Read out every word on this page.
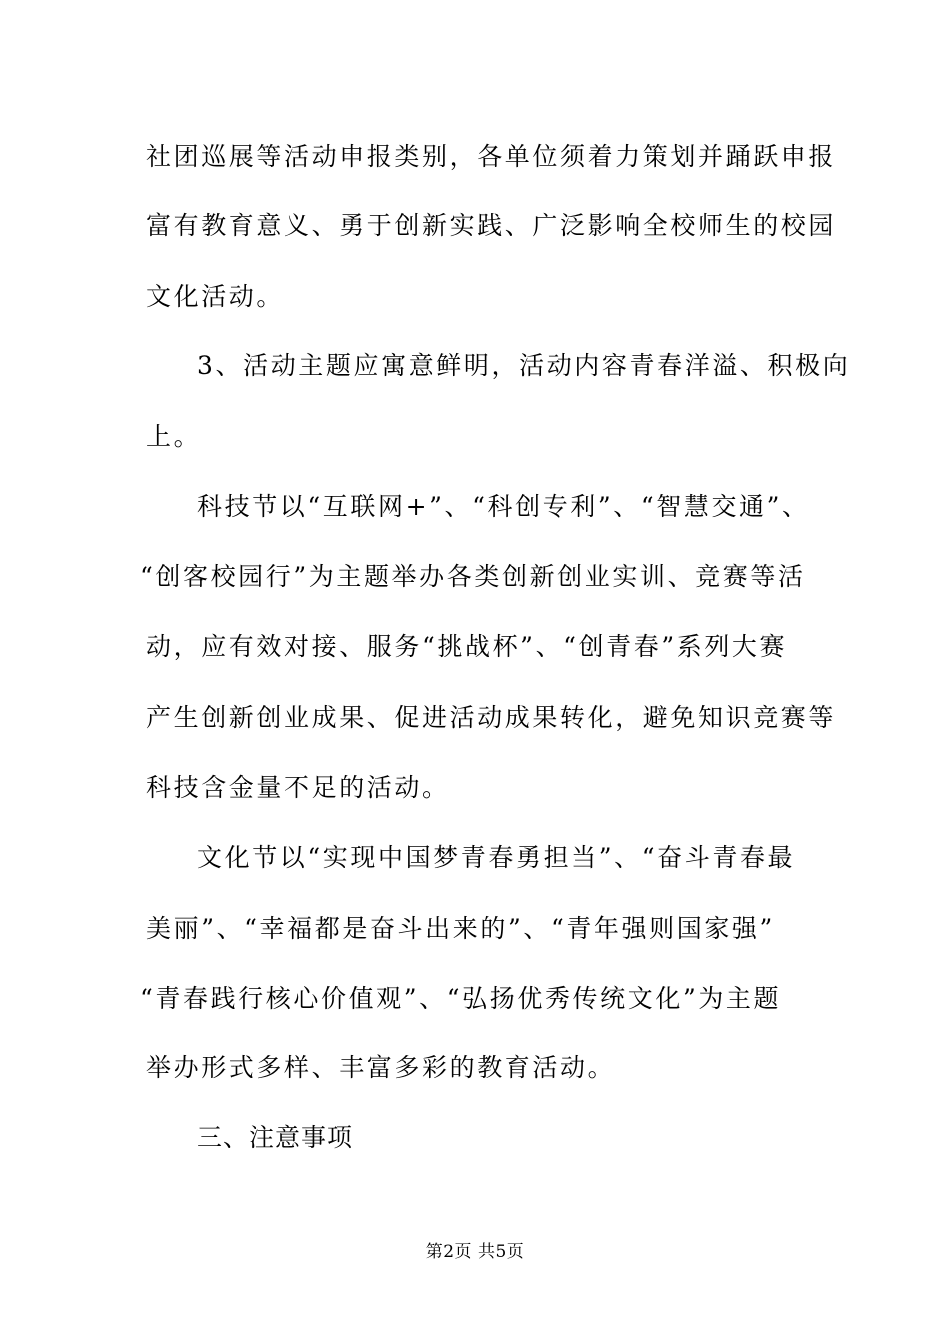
社团巡展等活动申报类别，各单位须着力策划并踊跃申报
富有教育意义、勇于创新实践、广泛影响全校师生的校园
文化活动。
3、活动主题应寓意鲜明，活动内容青春洋溢、积极向
上。
科技节以“互联网+”、“科创专利”、“智慧交通”、
“创客校园行”为主题举办各类创新创业实训、竞赛等活
动，应有效对接、服务“挑战杯”、“创青春”系列大赛
产生创新创业成果、促进活动成果转化，避免知识竞赛等
科技含金量不足的活动。
文化节以“实现中国梦青春勇担当”、“奋斗青春最
美丽”、“幸福都是奋斗出来的”、“青年强则国家强”
“青春践行核心价值观”、“弘扬优秀传统文化”为主题
举办形式多样、丰富多彩的教育活动。
三、注意事项
第2页 共5页
